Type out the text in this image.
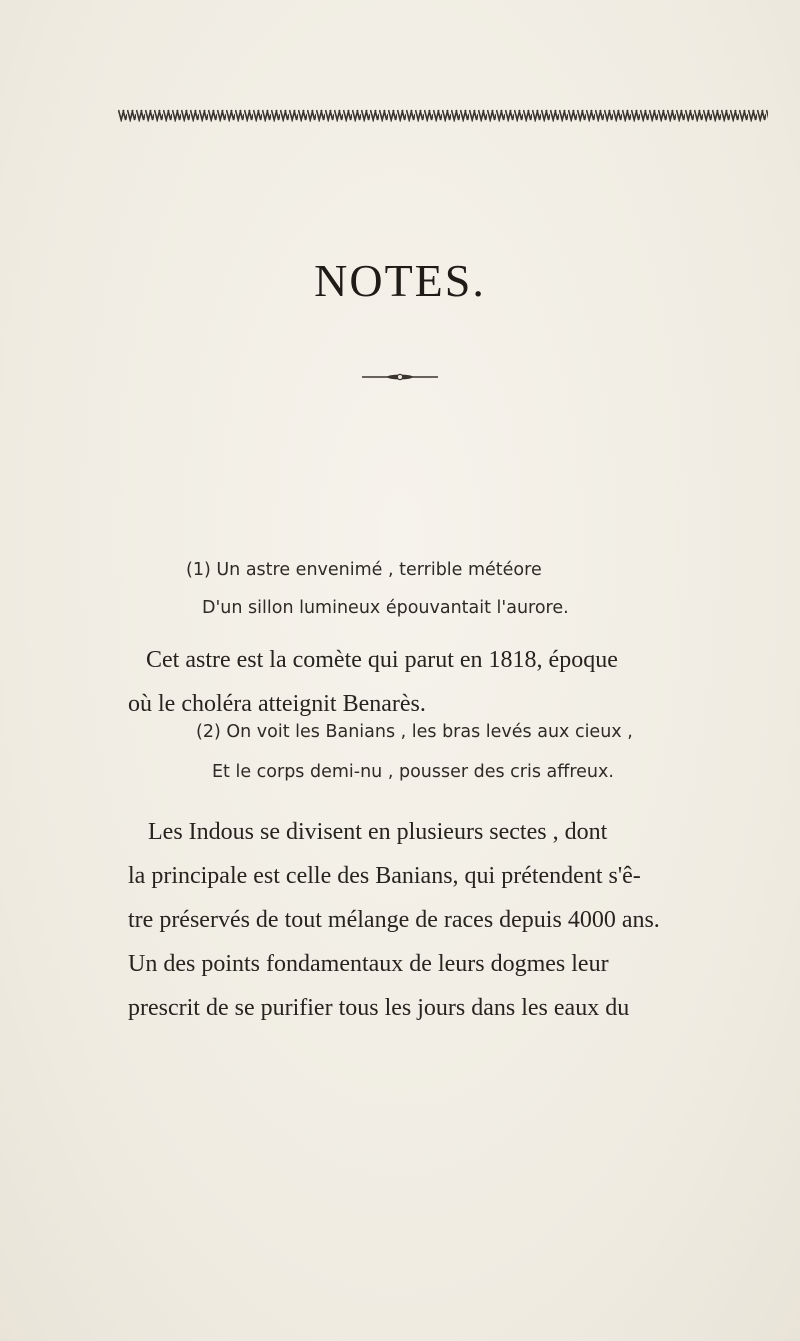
NOTES.
(1) Un astre envenimé , terrible météore
D'un sillon lumineux épouvantait l'aurore.
Cet astre est la comète qui parut en 1818, époque
où le choléra atteignit Benarès.
(2) On voit les Banians , les bras levés aux cieux ,
Et le corps demi-nu , pousser des cris affreux.
Les Indous se divisent en plusieurs sectes , dont
la principale est celle des Banians, qui prétendent s'ê-
tre préservés de tout mélange de races depuis 4000 ans.
Un des points fondamentaux de leurs dogmes leur
prescrit de se purifier tous les jours dans les eaux du
